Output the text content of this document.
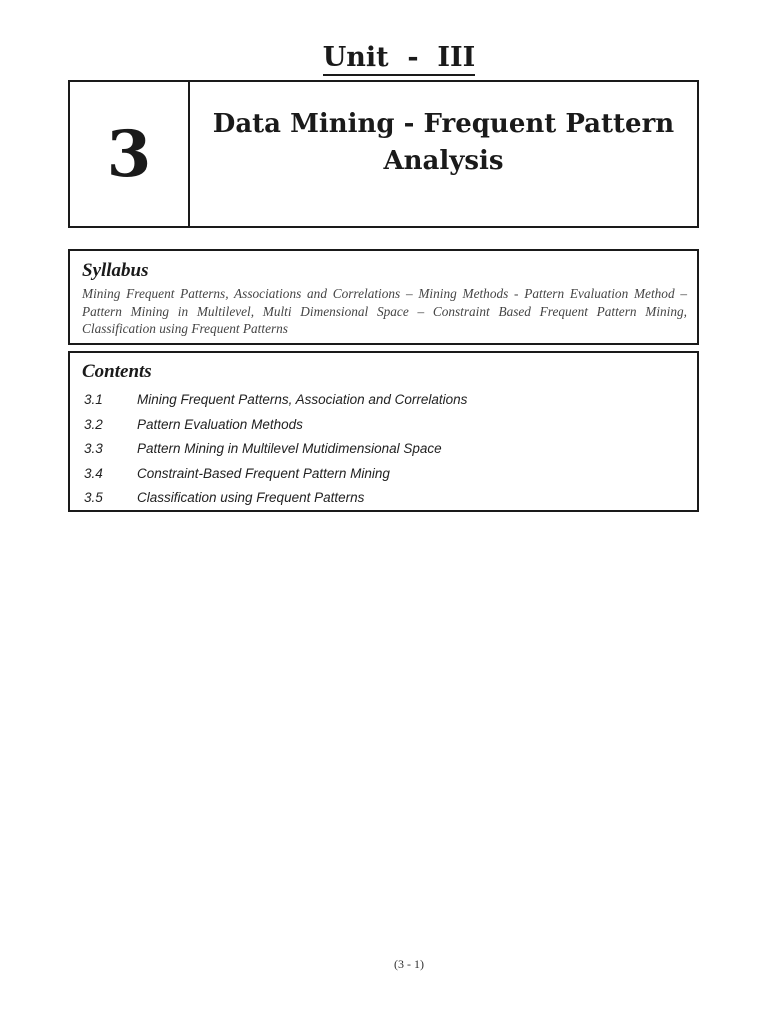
Unit  -  III
3	Data Mining - Frequent Pattern
Analysis
Syllabus
Mining Frequent Patterns, Associations and Correlations – Mining Methods - Pattern Evaluation Method – Pattern Mining in Multilevel, Multi Dimensional Space – Constraint Based Frequent Pattern Mining, Classification using Frequent Patterns
Contents
3.1	Mining Frequent Patterns, Association and Correlations
3.2	Pattern Evaluation Methods
3.3	Pattern Mining in Multilevel Mutidimensional Space
3.4	Constraint-Based Frequent Pattern Mining
3.5	Classification using Frequent Patterns
(3 - 1)
